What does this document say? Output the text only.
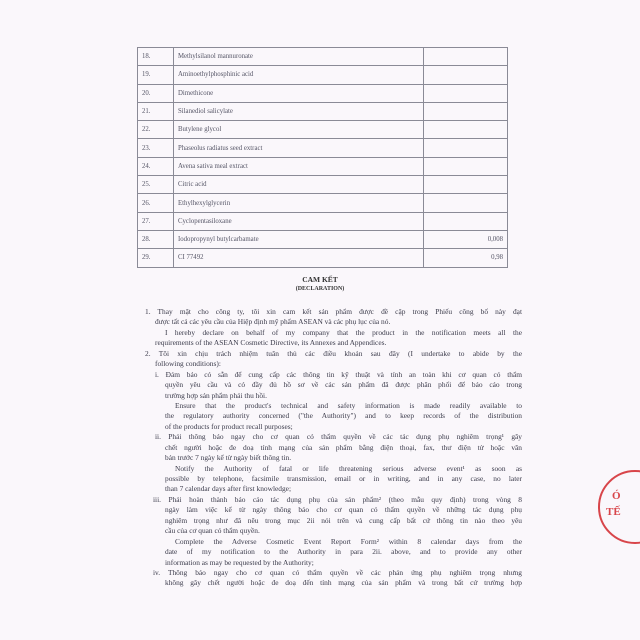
18.	Methylsilanol mannuronate	
19.	Aminoethylphosphinic acid	
20.	Dimethicone	
21.	Silanediol salicylate	
22.	Butylene glycol	
23.	Phaseolus radiatus seed extract	
24.	Avena sativa meal extract	
25.	Citric acid	
26.	Ethylhexylglycerin	
27.	Cyclopentasiloxane	
28.	Iodopropynyl butylcarbamate	0,008
29.	CI 77492	0,98
CAM KẾT
(DECLARATION)
1. Thay mặt cho công ty, tôi xin cam kết sản phẩm được đề cập trong Phiếu công bố này đạt
được tất cả các yêu cầu của Hiệp định mỹ phẩm ASEAN và các phụ lục của nó.
I hereby declare on behalf of my company that the product in the notification meets all the
requirements of the ASEAN Cosmetic Directive, its Annexes and Appendices.
2. Tôi xin chịu trách nhiệm tuân thủ các điều khoản sau đây (I undertake to abide by the
following conditions):
i. Đảm bảo có sẵn để cung cấp các thông tin kỹ thuật và tính an toàn khi cơ quan có thẩm
quyền yêu cầu và có đầy đủ hồ sơ về các sản phẩm đã được phân phối để báo cáo trong
trường hợp sản phẩm phải thu hồi.
Ensure that the product's technical and safety information is made readily available to
the regulatory authority concerned ("the Authority") and to keep records of the distribution
of the products for product recall purposes;
ii. Phải thông báo ngay cho cơ quan có thẩm quyền về các tác dụng phụ nghiêm trọng¹ gây
chết người hoặc đe doạ tính mạng của sản phẩm bằng điện thoại, fax, thư điện tử hoặc văn
bản trước 7 ngày kể từ ngày biết thông tin.
Notify the Authority of fatal or life threatening serious adverse event¹ as soon as
possible by telephone, facsimile transmission, email or in writing, and in any case, no later
than 7 calendar days after first knowledge;
iii. Phải hoàn thành báo cáo tác dụng phụ của sản phẩm² (theo mẫu quy định) trong vòng 8
ngày làm việc kể từ ngày thông báo cho cơ quan có thẩm quyền về những tác dụng phụ
nghiêm trọng như đã nêu trong mục 2ii nói trên và cung cấp bất cứ thông tin nào theo yêu
cầu của cơ quan có thẩm quyền.
Complete the Adverse Cosmetic Event Report Form² within 8 calendar days from the
date of my notification to the Authority in para 2ii. above, and to provide any other
information as may be requested by the Authority;
iv. Thông báo ngay cho cơ quan có thẩm quyền về các phản ứng phụ nghiêm trọng nhưng
không gây chết người hoặc đe doạ đến tính mạng của sản phẩm và trong bất cứ trường hợp
Ó
TẾ
